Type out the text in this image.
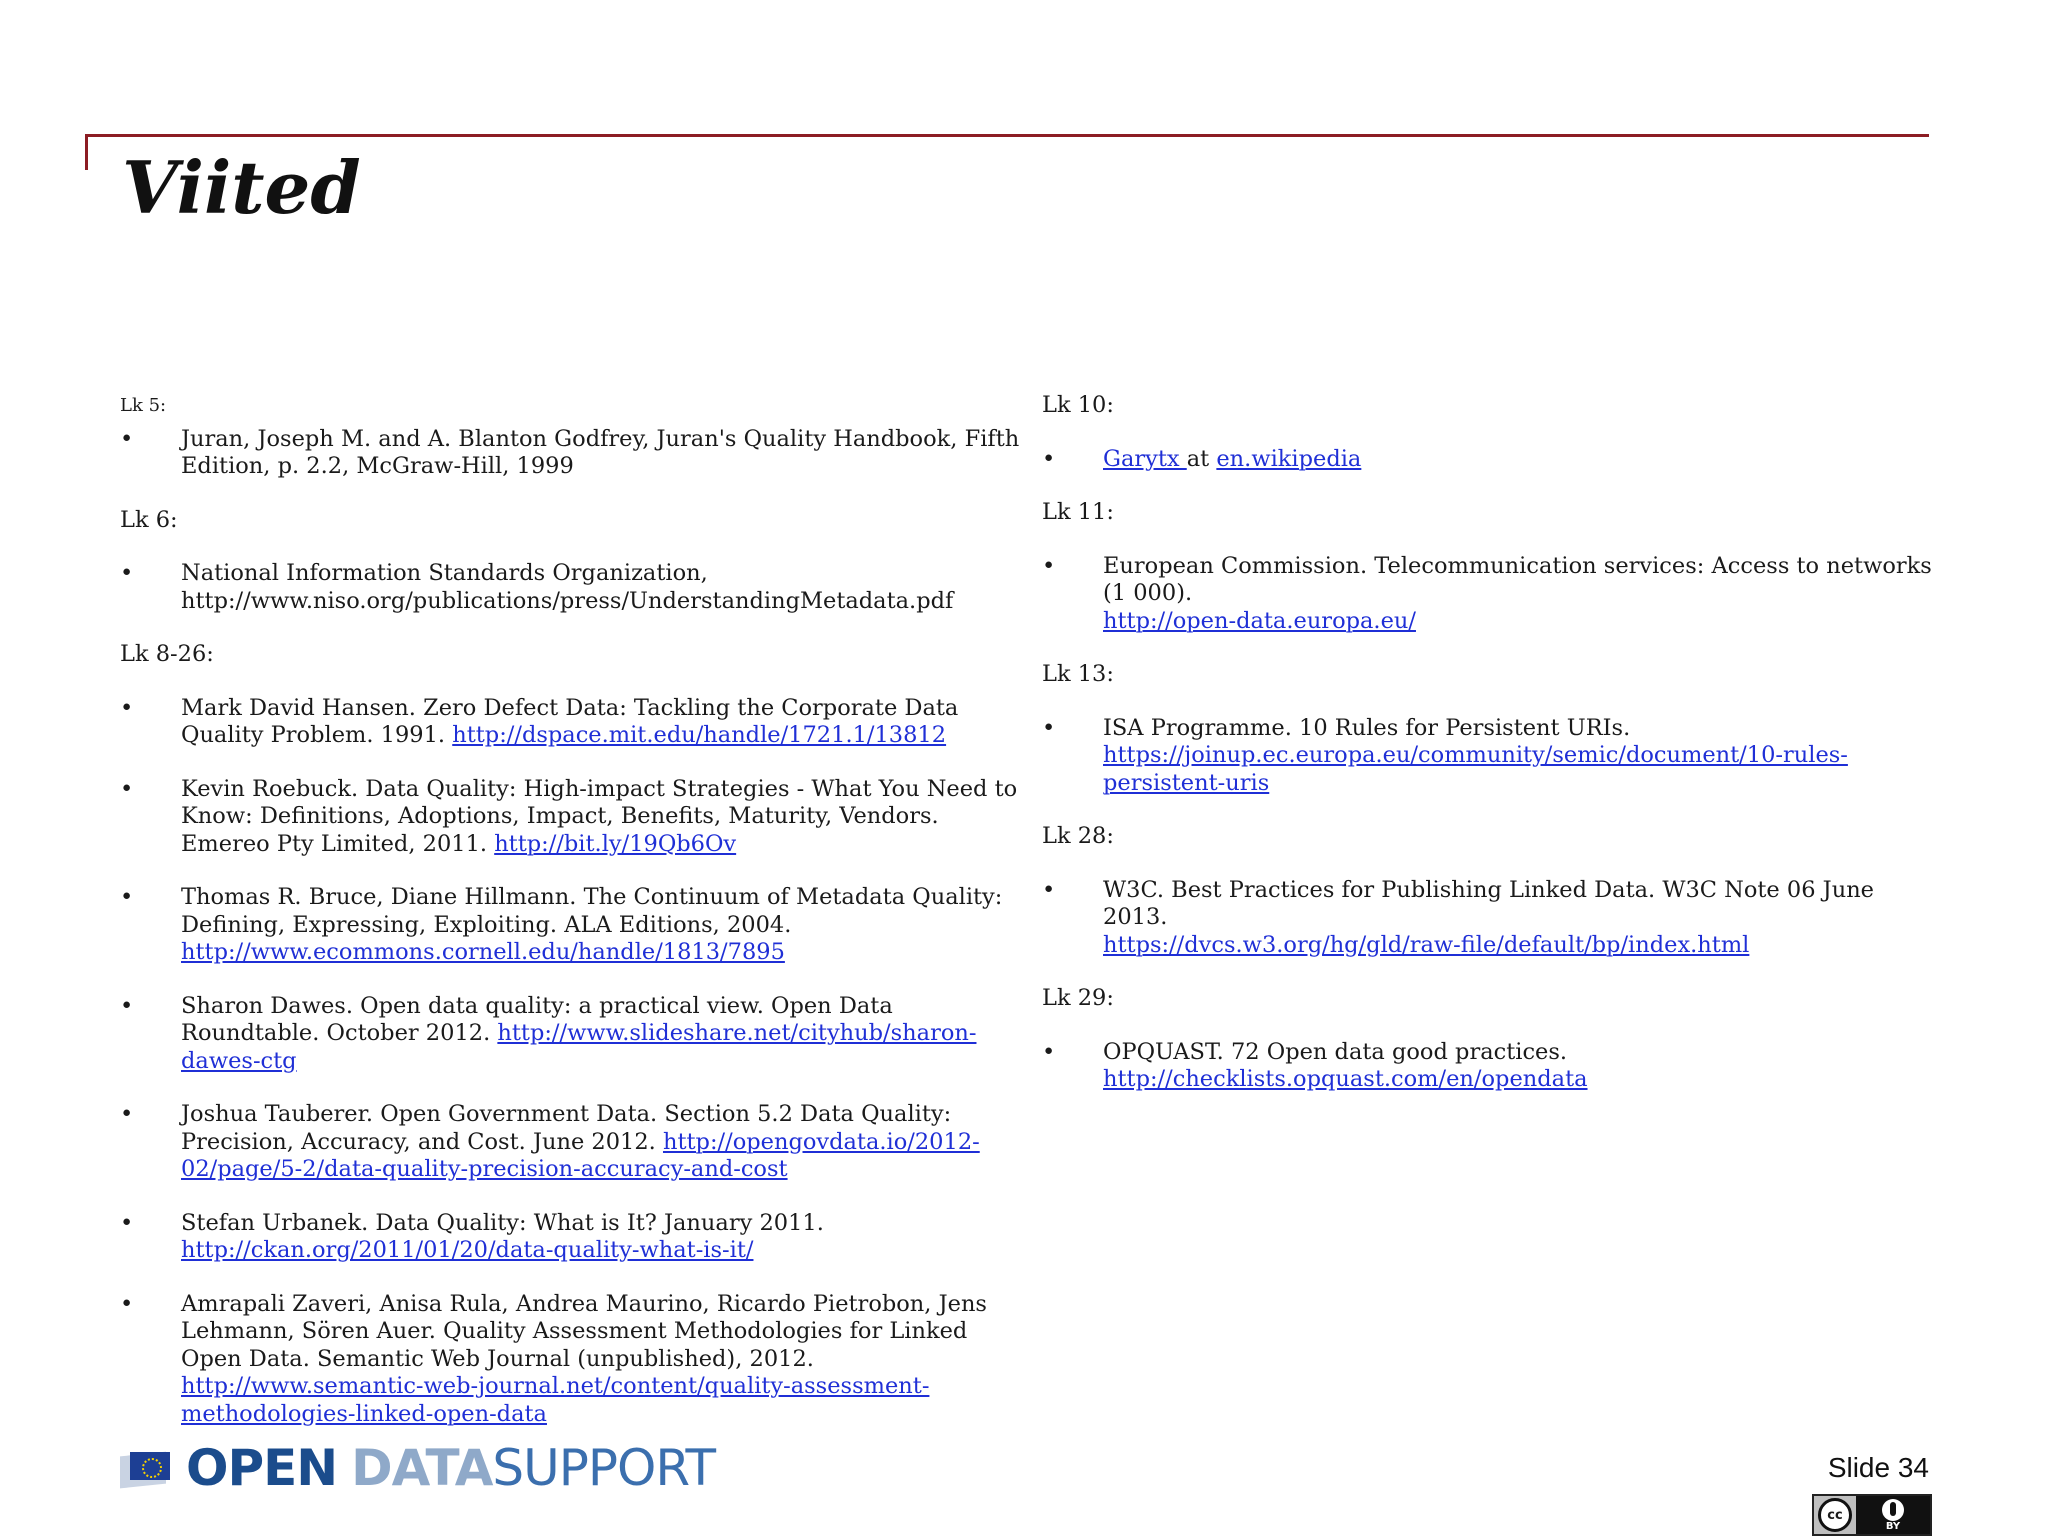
Viited
Lk 5:
• Juran, Joseph M. and A. Blanton Godfrey, Juran's Quality Handbook, Fifth Edition, p. 2.2, McGraw-Hill, 1999
Lk 6:
• National Information Standards Organization, http://www.niso.org/publications/press/UnderstandingMetadata.pdf
Lk 8-26:
• Mark David Hansen. Zero Defect Data: Tackling the Corporate Data Quality Problem. 1991. http://dspace.mit.edu/handle/1721.1/13812
• Kevin Roebuck. Data Quality: High-impact Strategies - What You Need to Know: Definitions, Adoptions, Impact, Benefits, Maturity, Vendors. Emereo Pty Limited, 2011. http://bit.ly/19Qb6Ov
• Thomas R. Bruce, Diane Hillmann. The Continuum of Metadata Quality: Defining, Expressing, Exploiting. ALA Editions, 2004. http://www.ecommons.cornell.edu/handle/1813/7895
• Sharon Dawes. Open data quality: a practical view. Open Data Roundtable. October 2012. http://www.slideshare.net/cityhub/sharon-dawes-ctg
• Joshua Tauberer. Open Government Data. Section 5.2 Data Quality: Precision, Accuracy, and Cost. June 2012. http://opengovdata.io/2012-02/page/5-2/data-quality-precision-accuracy-and-cost
• Stefan Urbanek. Data Quality: What is It? January 2011. http://ckan.org/2011/01/20/data-quality-what-is-it/
• Amrapali Zaveri, Anisa Rula, Andrea Maurino, Ricardo Pietrobon, Jens Lehmann, Sören Auer. Quality Assessment Methodologies for Linked Open Data. Semantic Web Journal (unpublished), 2012. http://www.semantic-web-journal.net/content/quality-assessment-methodologies-linked-open-data
Lk 10:
• Garytx at en.wikipedia
Lk 11:
• European Commission. Telecommunication services: Access to networks (1 000).
http://open-data.europa.eu/
Lk 13:
• ISA Programme. 10 Rules for Persistent URIs.
https://joinup.ec.europa.eu/community/semic/document/10-rules-persistent-uris
Lk 28:
• W3C. Best Practices for Publishing Linked Data. W3C Note 06 June 2013.
https://dvcs.w3.org/hg/gld/raw-file/default/bp/index.html
Lk 29:
• OPQUAST. 72 Open data good practices.
http://checklists.opquast.com/en/opendata
OPEN DATASUPPORT	Slide 34
cc
BY
